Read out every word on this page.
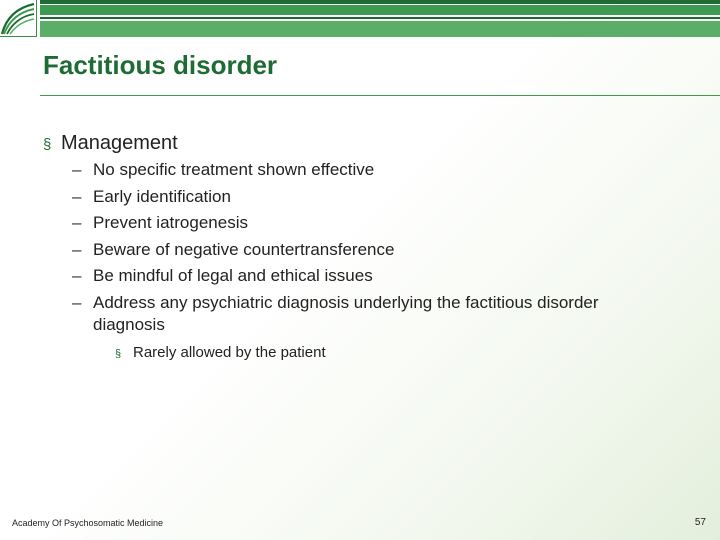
Factitious disorder

§ Management

– No specific treatment shown effective
– Early identification
– Prevent iatrogenesis
– Beware of negative countertransference
– Be mindful of legal and ethical issues
– Address any psychiatric diagnosis underlying the factitious disorder diagnosis

§ Rarely allowed by the patient

Academy Of Psychosomatic Medicine	57
